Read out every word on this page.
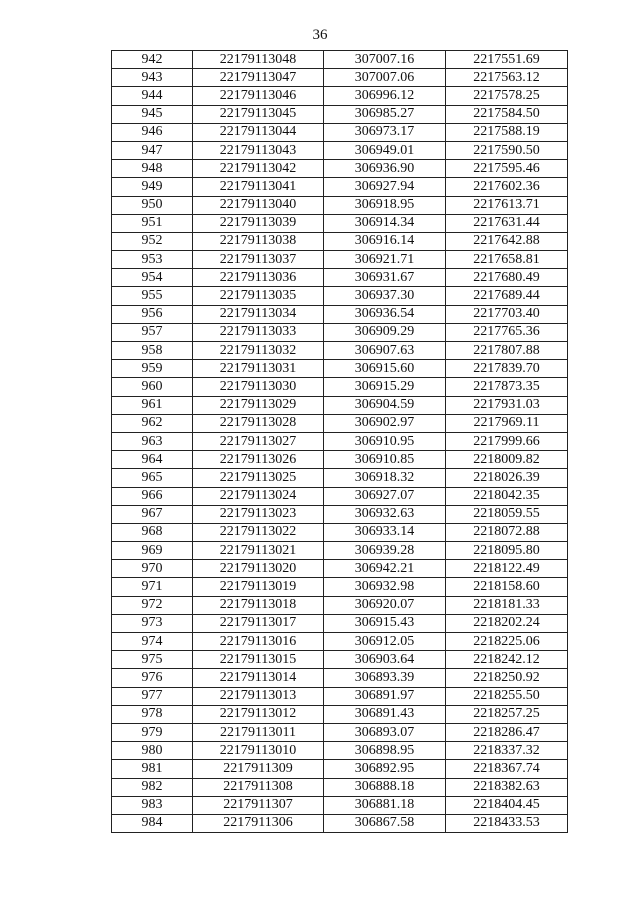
36
942	22179113048	307007.16	2217551.69
943	22179113047	307007.06	2217563.12
944	22179113046	306996.12	2217578.25
945	22179113045	306985.27	2217584.50
946	22179113044	306973.17	2217588.19
947	22179113043	306949.01	2217590.50
948	22179113042	306936.90	2217595.46
949	22179113041	306927.94	2217602.36
950	22179113040	306918.95	2217613.71
951	22179113039	306914.34	2217631.44
952	22179113038	306916.14	2217642.88
953	22179113037	306921.71	2217658.81
954	22179113036	306931.67	2217680.49
955	22179113035	306937.30	2217689.44
956	22179113034	306936.54	2217703.40
957	22179113033	306909.29	2217765.36
958	22179113032	306907.63	2217807.88
959	22179113031	306915.60	2217839.70
960	22179113030	306915.29	2217873.35
961	22179113029	306904.59	2217931.03
962	22179113028	306902.97	2217969.11
963	22179113027	306910.95	2217999.66
964	22179113026	306910.85	2218009.82
965	22179113025	306918.32	2218026.39
966	22179113024	306927.07	2218042.35
967	22179113023	306932.63	2218059.55
968	22179113022	306933.14	2218072.88
969	22179113021	306939.28	2218095.80
970	22179113020	306942.21	2218122.49
971	22179113019	306932.98	2218158.60
972	22179113018	306920.07	2218181.33
973	22179113017	306915.43	2218202.24
974	22179113016	306912.05	2218225.06
975	22179113015	306903.64	2218242.12
976	22179113014	306893.39	2218250.92
977	22179113013	306891.97	2218255.50
978	22179113012	306891.43	2218257.25
979	22179113011	306893.07	2218286.47
980	22179113010	306898.95	2218337.32
981	2217911309	306892.95	2218367.74
982	2217911308	306888.18	2218382.63
983	2217911307	306881.18	2218404.45
984	2217911306	306867.58	2218433.53
